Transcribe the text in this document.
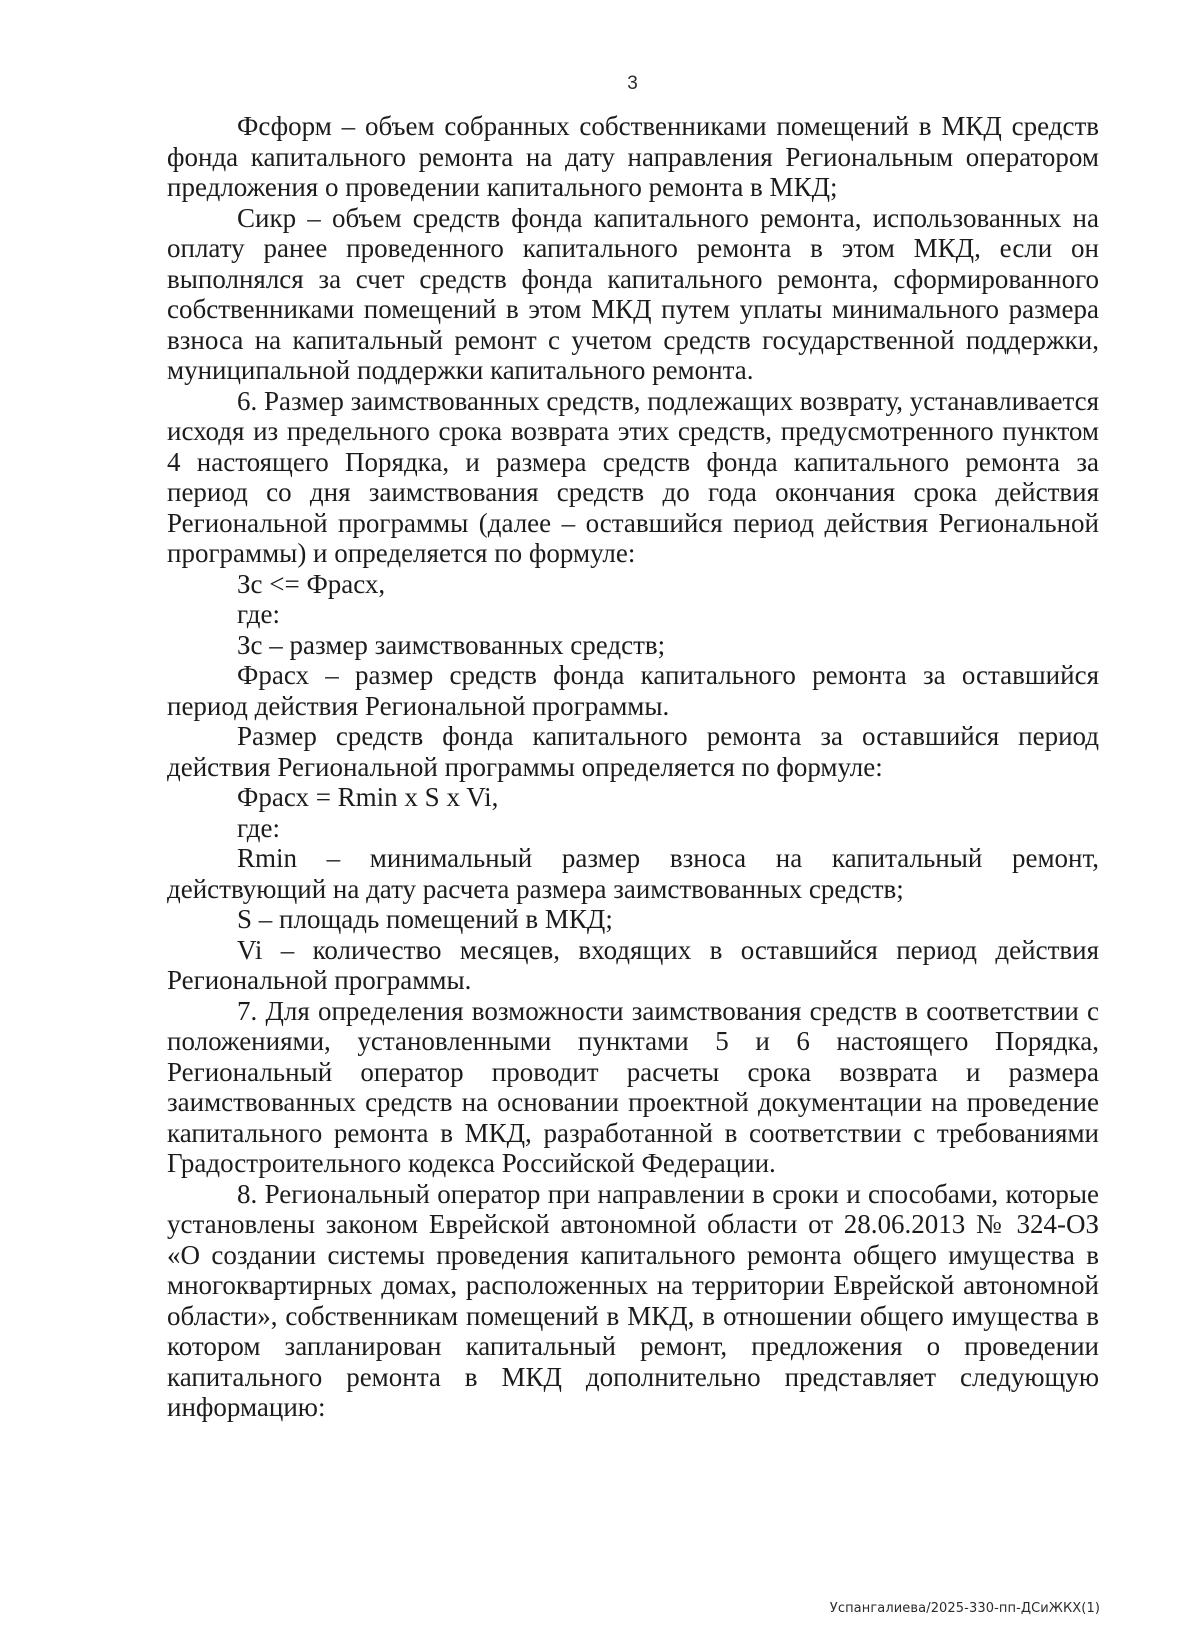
3

Фсформ – объем собранных собственниками помещений в МКД средств фонда капитального ремонта на дату направления Региональным оператором предложения о проведении капитального ремонта в МКД;

Сикр – объем средств фонда капитального ремонта, использованных на оплату ранее проведенного капитального ремонта в этом МКД, если он выполнялся за счет средств фонда капитального ремонта, сформированного собственниками помещений в этом МКД путем уплаты минимального размера взноса на капитальный ремонт с учетом средств государственной поддержки, муниципальной поддержки капитального ремонта.

6. Размер заимствованных средств, подлежащих возврату, устанавливается исходя из предельного срока возврата этих средств, предусмотренного пунктом 4 настоящего Порядка, и размера средств фонда капитального ремонта за период со дня заимствования средств до года окончания срока действия Региональной программы (далее – оставшийся период действия Региональной программы) и определяется по формуле:

Зс <= Фрасх,

где:

Зс – размер заимствованных средств;

Фрасх – размер средств фонда капитального ремонта за оставшийся период действия Региональной программы.

Размер средств фонда капитального ремонта за оставшийся период действия Региональной программы определяется по формуле:

Фрасх = Rmin x S x Vi,

где:

Rmin – минимальный размер взноса на капитальный ремонт, действующий на дату расчета размера заимствованных средств;

S – площадь помещений в МКД;

Vi – количество месяцев, входящих в оставшийся период действия Региональной программы.

7. Для определения возможности заимствования средств в соответствии с положениями, установленными пунктами 5 и 6 настоящего Порядка, Региональный оператор проводит расчеты срока возврата и размера заимствованных средств на основании проектной документации на проведение капитального ремонта в МКД, разработанной в соответствии с требованиями Градостроительного кодекса Российской Федерации.

8. Региональный оператор при направлении в сроки и способами, которые установлены законом Еврейской автономной области от 28.06.2013 № 324-ОЗ «О создании системы проведения капитального ремонта общего имущества в многоквартирных домах, расположенных на территории Еврейской автономной области», собственникам помещений в МКД, в отношении общего имущества в котором запланирован капитальный ремонт, предложения о проведении капитального ремонта в МКД дополнительно представляет следующую информацию:

Успангалиева/2025-330-пп-ДСиЖКХ(1)
